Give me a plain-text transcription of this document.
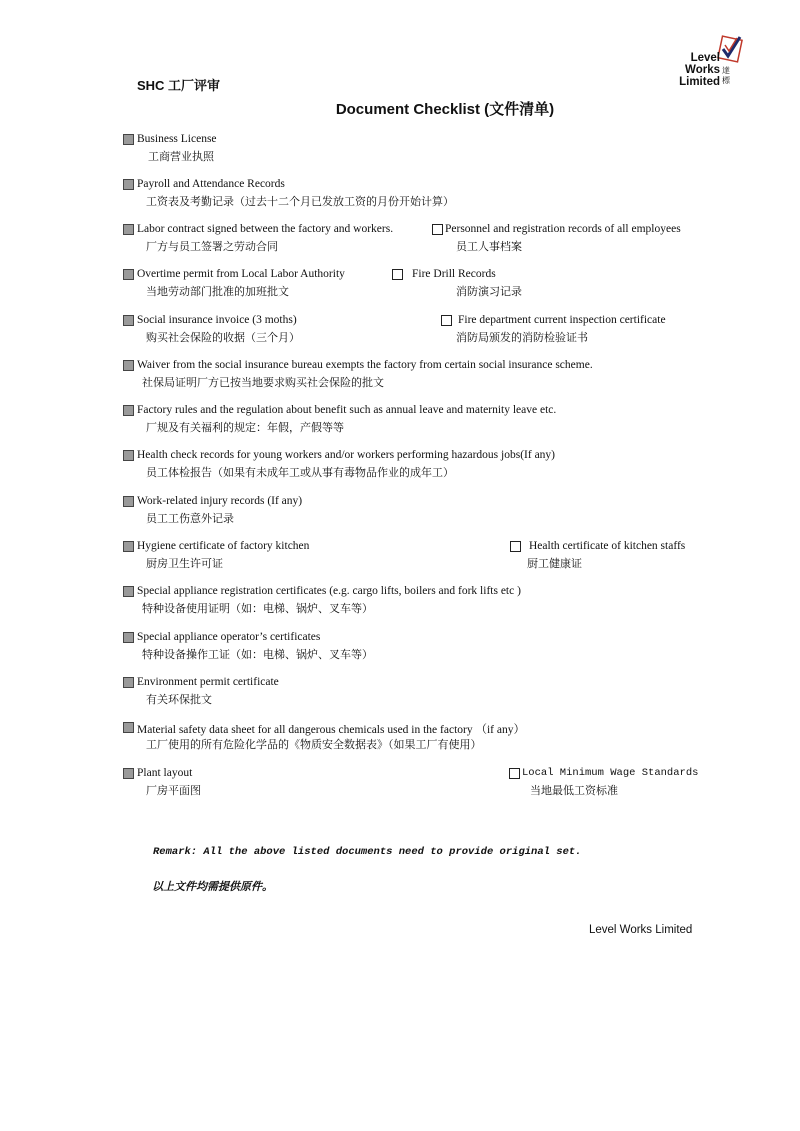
SHC 工厂评审
Document Checklist (文件清单)
Level
Works
Limited
達
標
Business License
工商营业执照
Payroll and Attendance Records
工资表及考勤记录（过去十二个月已发放工资的月份开始计算）
Labor contract signed between the factory and workers.
厂方与员工签署之劳动合同
Personnel and registration records of all employees
员工人事档案
Overtime permit from Local Labor Authority
当地劳动部门批准的加班批文
Fire Drill Records
消防演习记录
Social insurance invoice (3 moths)
购买社会保险的收据（三个月）
Fire department current inspection certificate
消防局颁发的消防检验证书
Waiver from the social insurance bureau exempts the factory from certain social insurance scheme.
社保局证明厂方已按当地要求购买社会保险的批文
Factory rules and the regulation about benefit such as annual leave and maternity leave etc.
厂规及有关福利的规定：年假，产假等等
Health check records for young workers and/or workers performing hazardous jobs(If any)
员工体检报告（如果有未成年工或从事有毒物品作业的成年工）
Work-related injury records (If any)
员工工伤意外记录
Hygiene certificate of factory kitchen
厨房卫生许可证
Health certificate of kitchen staffs
厨工健康证
Special appliance registration certificates (e.g. cargo lifts, boilers and fork lifts etc )
特种设备使用证明（如：电梯、锅炉、叉车等）
Special appliance operator’s certificates
特种设备操作工证（如：电梯、锅炉、叉车等）
Environment permit certificate
有关环保批文
Material safety data sheet for all dangerous chemicals used in the factory （if any）
工厂使用的所有危险化学品的《物质安全数据表》（如果工厂有使用）
Plant layout
厂房平面图
Local Minimum Wage Standards
当地最低工资标准
Remark: All the above listed documents need to provide original set.
以上文件均需提供原件。
Level Works Limited
